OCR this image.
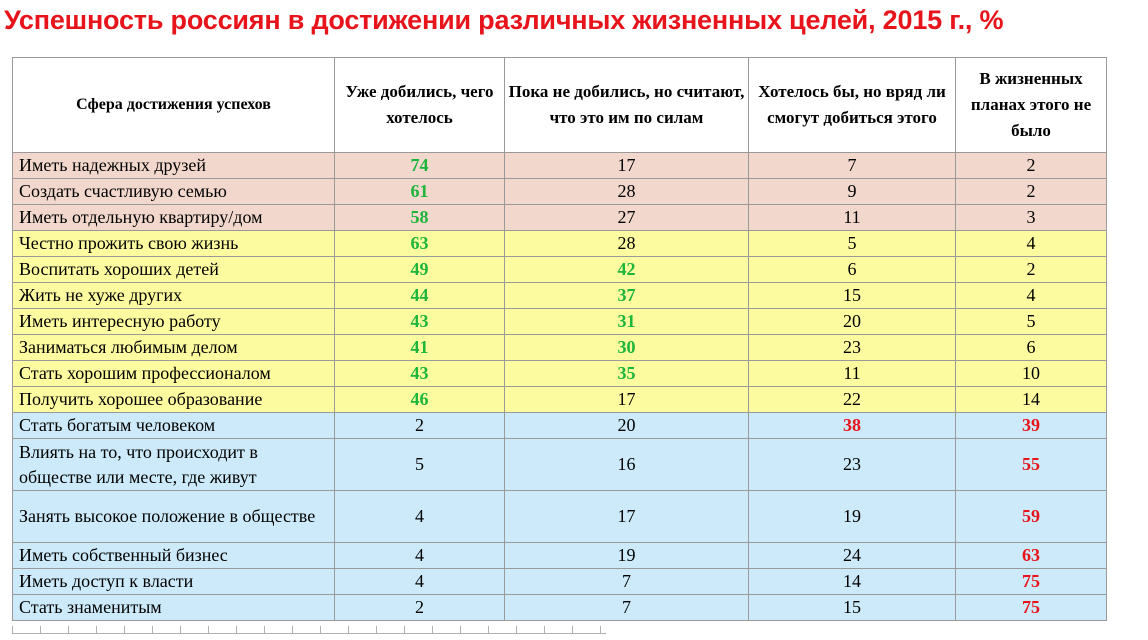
Успешность россиян в достижении различных жизненных целей, 2015 г., %
Сфера достижения успехов	Уже добились, чего хотелось	Пока не добились, но считают, что это им по силам	Хотелось бы, но вряд ли смогут добиться этого	В жизненных планах этого не было
Иметь надежных друзей	74	17	7	2
Создать счастливую семью	61	28	9	2
Иметь отдельную квартиру/дом	58	27	11	3
Честно прожить свою жизнь	63	28	5	4
Воспитать хороших детей	49	42	6	2
Жить не хуже других	44	37	15	4
Иметь интересную работу	43	31	20	5
Заниматься любимым делом	41	30	23	6
Стать хорошим профессионалом	43	35	11	10
Получить хорошее образование	46	17	22	14
Стать богатым человеком	2	20	38	39
Влиять на то, что происходит в обществе или месте, где живут	5	16	23	55
Занять высокое положение в обществе	4	17	19	59
Иметь собственный бизнес	4	19	24	63
Иметь доступ к власти	4	7	14	75
Стать знаменитым	2	7	15	75
